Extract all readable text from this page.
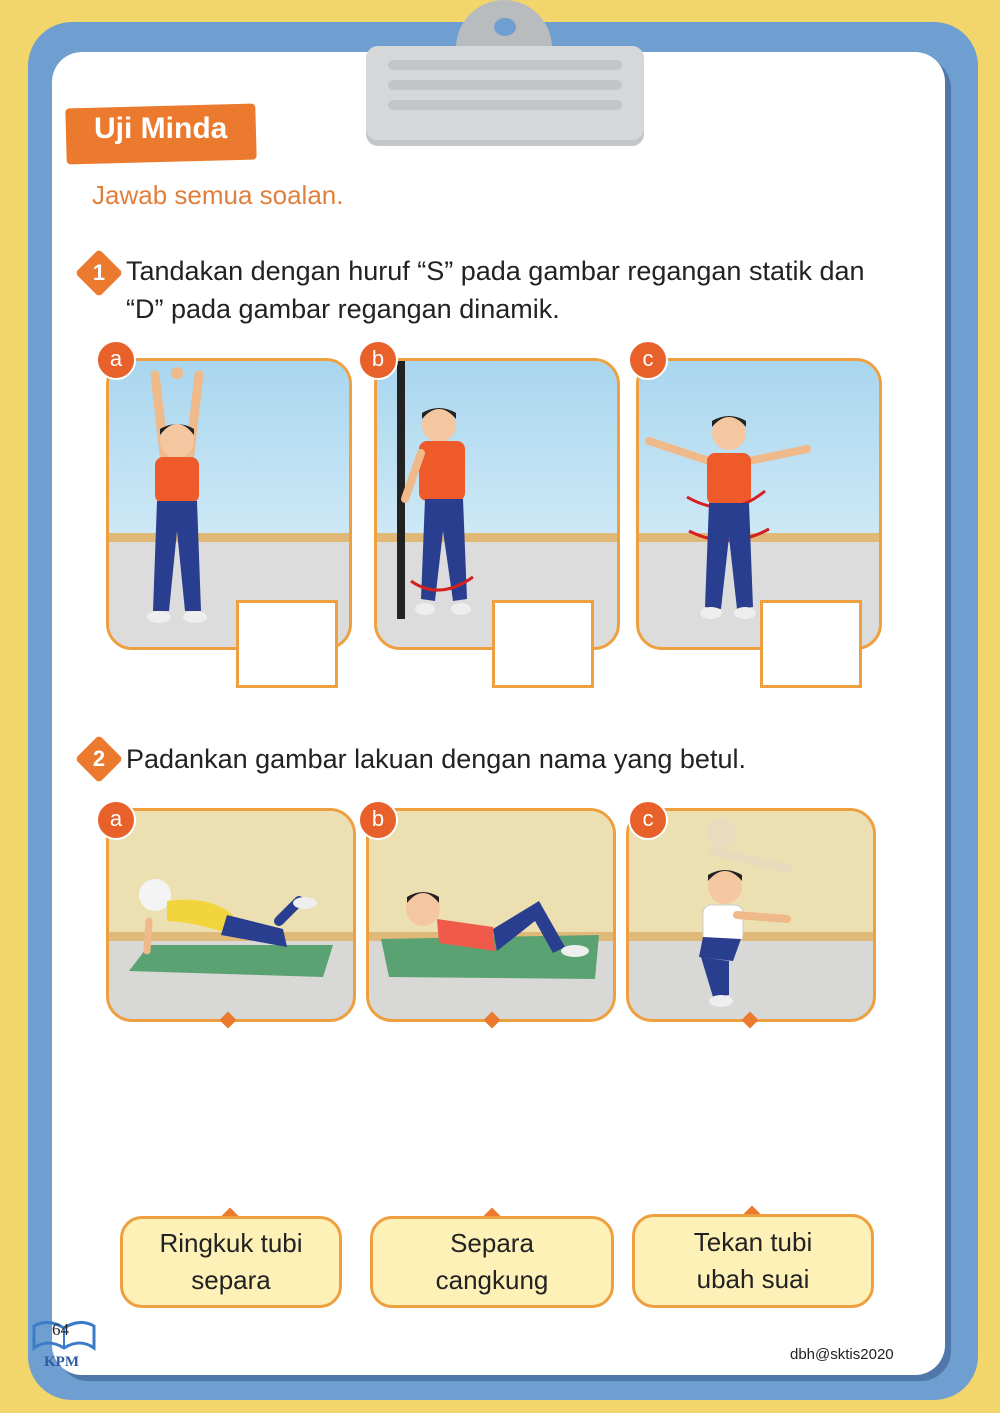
Uji Minda
Jawab semua soalan.
1 Tandakan dengan huruf “S” pada gambar regangan statik dan
“D” pada gambar regangan dinamik.
a	b	c
2 Padankan gambar lakuan dengan nama yang betul.
a	b	c
Ringkuk tubi
separa
Separa
cangkung
Tekan tubi
ubah suai
64
KPM	dbh@sktis2020
